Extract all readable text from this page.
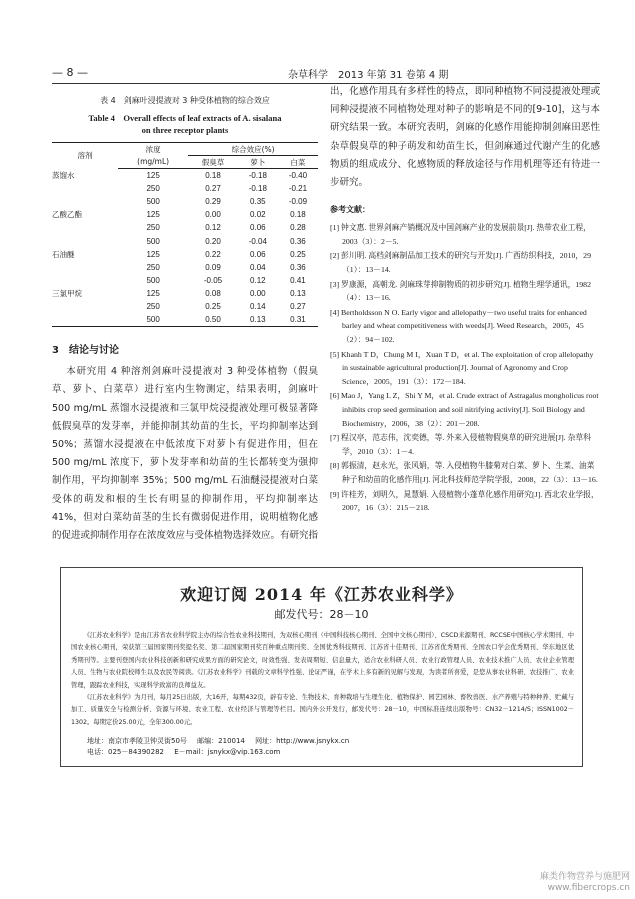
— 8 —	杂草科学　2013 年第 31 卷第 4 期
表 4　剑麻叶浸提液对 3 种受体植物的综合效应
Table 4　Overall effects of leaf extracts of A. sisalana
on three receptor plants
溶剂	浓度	综合效应(%)		
	(mg/mL)	假臭草	萝卜	白菜
蒸馏水	125	0.18	-0.18	-0.40
	250	0.27	-0.18	-0.21
	500	0.29	0.35	-0.09
乙酸乙酯	125	0.00	0.02	0.18
	250	0.12	0.06	0.28
	500	0.20	-0.04	0.36
石油醚	125	0.22	0.06	0.25
	250	0.09	0.04	0.36
	500	-0.05	0.12	0.41
三氯甲烷	125	0.08	0.00	0.13
	250	0.25	0.14	0.27
	500	0.50	0.13	0.31
3　结论与讨论
本研究用 4 种溶剂剑麻叶浸提液对 3 种受体植物（假臭草、萝卜、白菜草）进行室内生物测定，结果表明，剑麻叶 500 mg/mL 蒸馏水浸提液和三氯甲烷浸提液处理可极显著降低假臭草的发芽率，并能抑制其幼苗的生长，平均抑制率达到 50%；蒸馏水浸提液在中低浓度下对萝卜有促进作用，但在 500 mg/mL 浓度下，萝卜发芽率和幼苗的生长都转变为强抑制作用，平均抑制率 35%；500 mg/mL 石油醚浸提液对白菜受体的萌发和根的生长有明显的抑制作用，平均抑制率达 41%，但对白菜幼苗茎的生长有微弱促进作用，说明植物化感的促进或抑制作用存在浓度效应与受体植物选择效应。有研究指
出，化感作用具有多样性的特点，即同种植物不同浸提液处理或同种浸提液不同植物处理对种子的影响是不同的[9-10]，这与本研究结果一致。本研究表明，剑麻的化感作用能抑制剑麻田恶性杂草假臭草的种子萌发和幼苗生长，但剑麻通过代谢产生的化感物质的组成成分、化感物质的释放途径与作用机理等还有待进一步研究。
参考文献：
[1] 钟文惠. 世界剑麻产销概况及中国剑麻产业的发展前景[J]. 热带农业工程，2003（3）：2－5.
[2] 彭川明. 高档剑麻制品加工技术的研究与开发[J]. 广西纺织科技，2010，29（1）：13－14.
[3] 罗康源，高朝龙. 剑麻珠芽抑制物质的初步研究[J]. 植物生理学通讯，1982（4）：13－16.
[4] Bertholdsson N O. Early vigor and allelopathy－two useful traits for enhanced barley and wheat competitiveness with weeds[J]. Weed Research，2005，45（2）：94－102.
[5] Khanh T D，Chung M I，Xuan T D，et al. The exploitation of crop allelopathy in sustainable agricultural production[J]. Journal of Agronomy and Crop Science，2005，191（3）：172－184.
[6] Mao J，Yang L Z，Shi Y M，et al. Crude extract of Astragalus mongholicus root inhibits crop seed germination and soil nitrifying activity[J]. Soil Biology and Biochemistry，2006，38（2）：201－208.
[7] 程汉亭，范志伟，沈奕德，等. 外来入侵植物假臭草的研究进展[J]. 杂草科学，2010（3）：1－4.
[8] 郭振清，赵永光，张风娟，等. 入侵植物牛膝菊对白菜、萝卜、生菜、油菜种子和幼苗的化感作用[J]. 河北科技师范学院学报，2008，22（3）：13－16.
[9] 许桂芳，刘明久，晁慧娟. 入侵植物小蓬草化感作用研究[J]. 西北农业学报，2007，16（3）：215－218.
欢迎订阅 2014 年《江苏农业科学》
邮发代号：28－10
《江苏农业科学》是由江苏省农业科学院主办的综合性农业科技期刊，为双核心期刊（中国科技核心期刊、全国中文核心期刊）、CSCD来源期刊、RCCSE中国核心学术期刊、中国农业核心期刊，荣获第三届国家期刊奖提名奖、第二届国家期刊奖百种重点期刊奖、全国优秀科技期刊、江苏省十佳期刊、江苏省优秀期刊、全国农口学会优秀期刊、华东地区优秀期刊等。主要刊登国内农业科技创新和研究成果方面的研究论文，时效性强、发表周期短、信息量大，适合农业科研人员、农业行政管理人员、农业技术推广人员、农业企业管理人员、生物与农业院校师生以及农民等阅读。《江苏农业科学》刊载的文章科学性强、论证严谨，在学术上多有新的见解与发现，为读者所喜爱，是您从事农业科研、农技推广、农业管理，跟踪农业科技，实现科学致富的良师益友。
《江苏农业科学》为月刊，每月25日出版，大16开，每期432页，辟有专论、生物技术、育种栽培与生理生化、植物保护、园艺园林、畜牧兽医、水产养殖与特种种养、贮藏与加工、质量安全与检测分析、资源与环境、农业工程、农业经济与管理等栏目。国内外公开发行，邮发代号：28－10，中国标准连续出版物号：CN32－1214/S；ISSN1002－1302。每期定价25.00元，全年300.00元。
地址：南京市孝陵卫钟灵街50号 邮编：210014 网址：http://www.jsnykx.cn
电话：025－84390282 E－mail：jsnykx@vip.163.com
麻类作物营养与施肥网
www.fibercrops.cn
